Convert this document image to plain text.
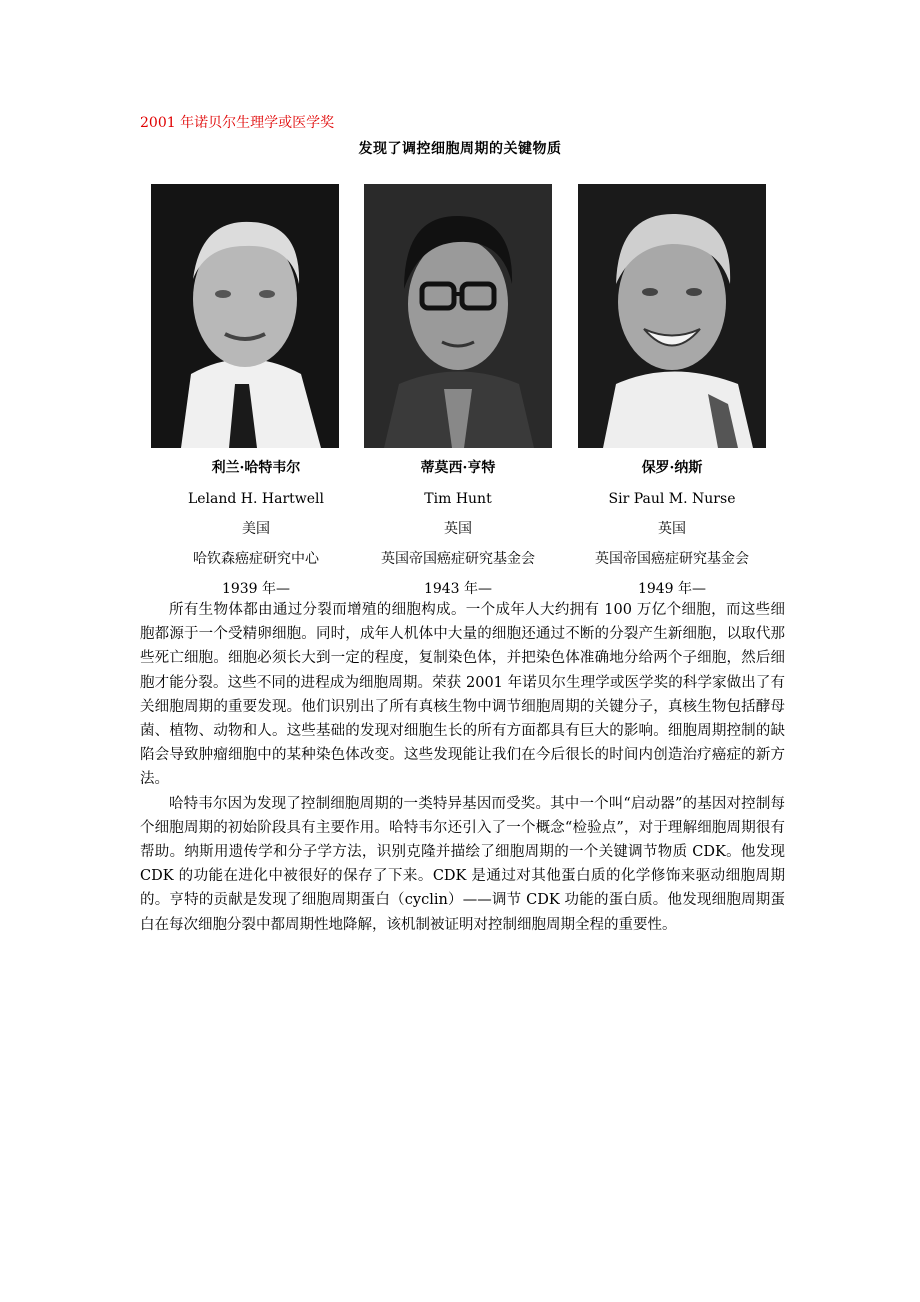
2001 年诺贝尔生理学或医学奖
发现了调控细胞周期的关键物质
利兰·哈特韦尔
Leland H. Hartwell
美国
哈钦森癌症研究中心
1939 年—
蒂莫西·亨特
Tim Hunt
英国
英国帝国癌症研究基金会
1943 年—
保罗·纳斯
Sir Paul M. Nurse
英国
英国帝国癌症研究基金会
1949 年—

所有生物体都由通过分裂而增殖的细胞构成。一个成年人大约拥有 100 万亿个细胞，而这些细胞都源于一个受精卵细胞。同时，成年人机体中大量的细胞还通过不断的分裂产生新细胞，以取代那些死亡细胞。细胞必须长大到一定的程度，复制染色体，并把染色体准确地分给两个子细胞，然后细胞才能分裂。这些不同的进程成为细胞周期。荣获 2001 年诺贝尔生理学或医学奖的科学家做出了有关细胞周期的重要发现。他们识别出了所有真核生物中调节细胞周期的关键分子，真核生物包括酵母菌、植物、动物和人。这些基础的发现对细胞生长的所有方面都具有巨大的影响。细胞周期控制的缺陷会导致肿瘤细胞中的某种染色体改变。这些发现能让我们在今后很长的时间内创造治疗癌症的新方法。

哈特韦尔因为发现了控制细胞周期的一类特异基因而受奖。其中一个叫“启动器”的基因对控制每个细胞周期的初始阶段具有主要作用。哈特韦尔还引入了一个概念“检验点”，对于理解细胞周期很有帮助。纳斯用遗传学和分子学方法，识别克隆并描绘了细胞周期的一个关键调节物质 CDK。他发现 CDK 的功能在进化中被很好的保存了下来。CDK 是通过对其他蛋白质的化学修饰来驱动细胞周期的。亨特的贡献是发现了细胞周期蛋白（cyclin）——调节 CDK 功能的蛋白质。他发现细胞周期蛋白在每次细胞分裂中都周期性地降解，该机制被证明对控制细胞周期全程的重要性。
